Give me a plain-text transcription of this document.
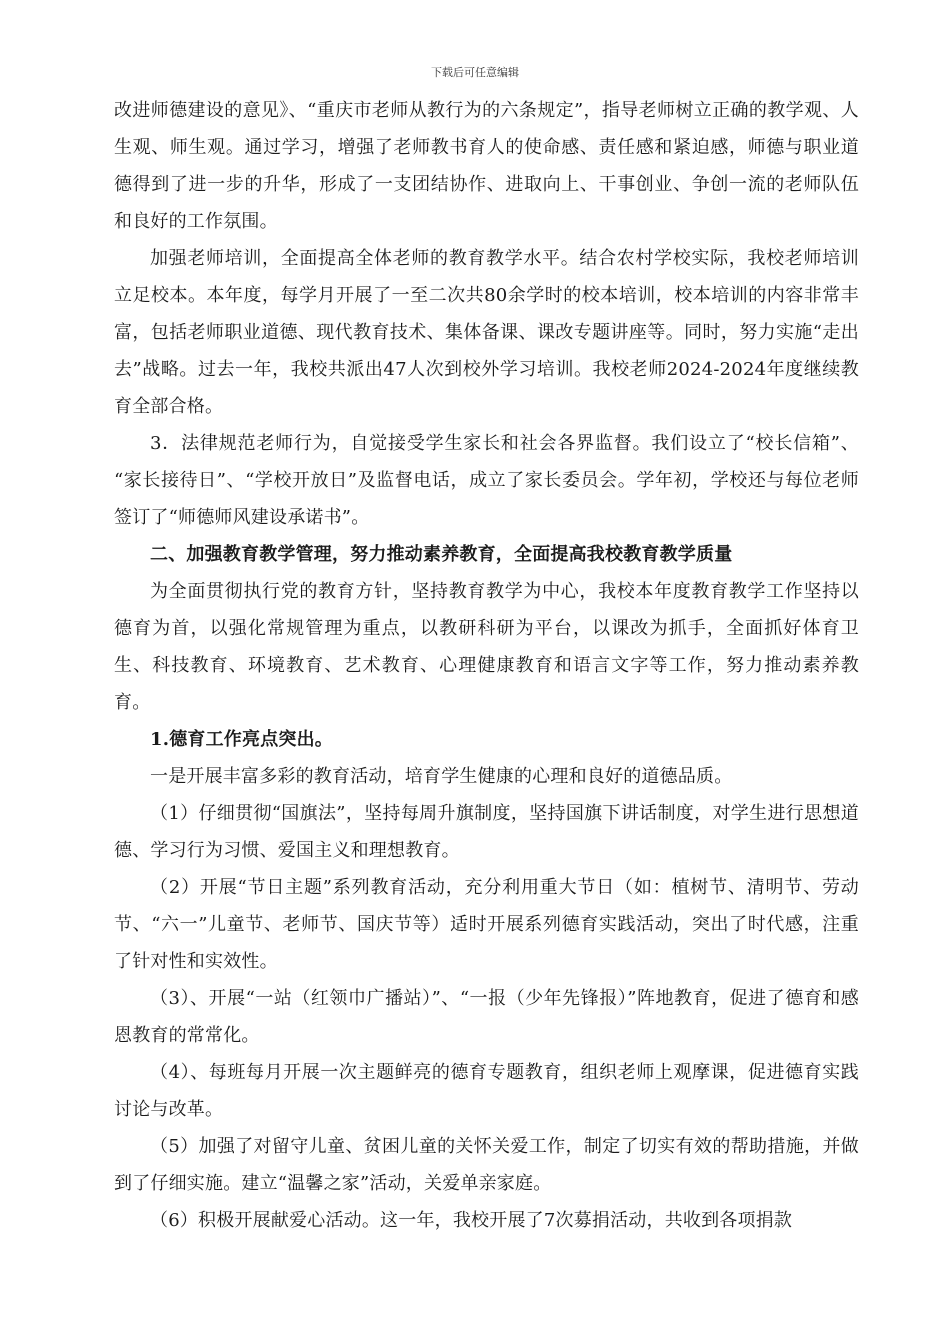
下载后可任意编辑

改进师德建设的意见》、“重庆市老师从教行为的六条规定”，指导老师树立正确的教学观、人生观、师生观。通过学习，增强了老师教书育人的使命感、责任感和紧迫感，师德与职业道德得到了进一步的升华，形成了一支团结协作、进取向上、干事创业、争创一流的老师队伍和良好的工作氛围。

加强老师培训，全面提高全体老师的教育教学水平。结合农村学校实际，我校老师培训立足校本。本年度，每学月开展了一至二次共80余学时的校本培训，校本培训的内容非常丰富，包括老师职业道德、现代教育技术、集体备课、课改专题讲座等。同时，努力实施“走出去”战略。过去一年，我校共派出47人次到校外学习培训。我校老师2024-2024年度继续教育全部合格。

3．法律规范老师行为，自觉接受学生家长和社会各界监督。我们设立了“校长信箱”、 “家长接待日”、“学校开放日”及监督电话，成立了家长委员会。学年初，学校还与每位老师签订了“师德师风建设承诺书”。

二、加强教育教学管理，努力推动素养教育，全面提高我校教育教学质量

为全面贯彻执行党的教育方针，坚持教育教学为中心，我校本年度教育教学工作坚持以德育为首，以强化常规管理为重点，以教研科研为平台，以课改为抓手，全面抓好体育卫生、科技教育、环境教育、艺术教育、心理健康教育和语言文字等工作，努力推动素养教育。

1.德育工作亮点突出。

一是开展丰富多彩的教育活动，培育学生健康的心理和良好的道德品质。

（1）仔细贯彻“国旗法”，坚持每周升旗制度，坚持国旗下讲话制度，对学生进行思想道德、学习行为习惯、爱国主义和理想教育。

（2）开展“节日主题”系列教育活动，充分利用重大节日（如：植树节、清明节、劳动节、“六一”儿童节、老师节、国庆节等）适时开展系列德育实践活动，突出了时代感，注重了针对性和实效性。

（3）、开展“一站（红领巾广播站）”、“一报（少年先锋报）”阵地教育，促进了德育和感恩教育的常常化。

（4）、每班每月开展一次主题鲜亮的德育专题教育，组织老师上观摩课，促进德育实践讨论与改革。

（5）加强了对留守儿童、贫困儿童的关怀关爱工作，制定了切实有效的帮助措施，并做到了仔细实施。建立“温馨之家”活动，关爱单亲家庭。

（6）积极开展献爱心活动。这一年，我校开展了7次募捐活动，共收到各项捐款
